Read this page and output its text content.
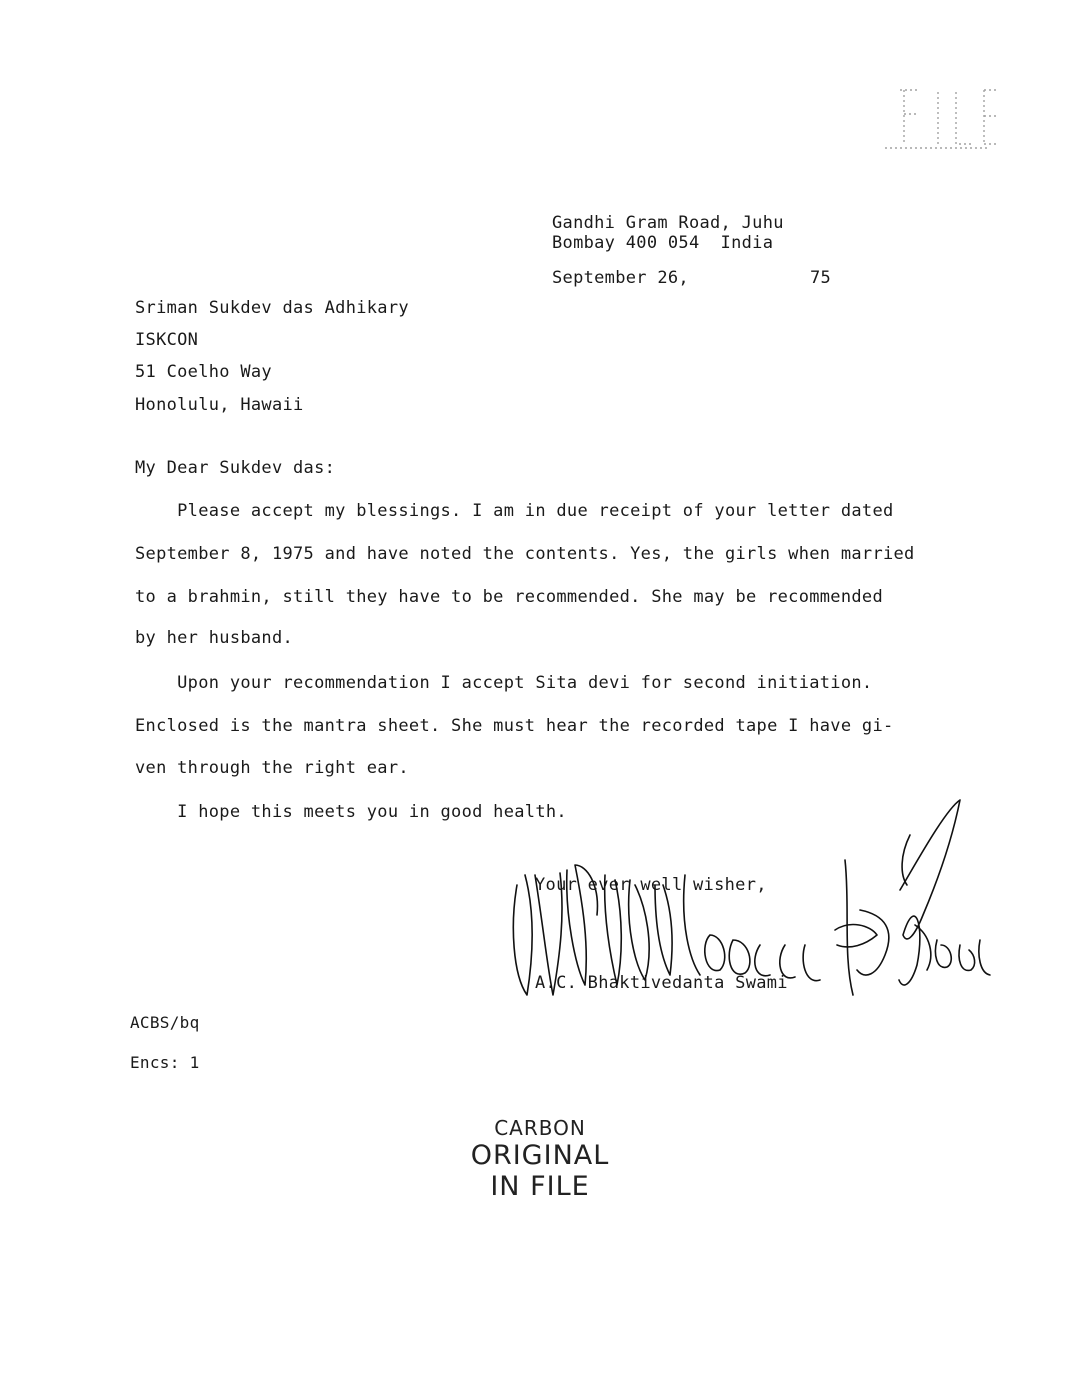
Gandhi Gram Road, Juhu
Bombay 400 054  India
September 26,	75
Sriman Sukdev das Adhikary
ISKCON
51 Coelho Way
Honolulu, Hawaii
My Dear Sukdev das:
Please accept my blessings. I am in due receipt of your letter dated
September 8, 1975 and have noted the contents. Yes, the girls when married
to a brahmin, still they have to be recommended. She may be recommended
by her husband.
Upon your recommendation I accept Sita devi for second initiation.
Enclosed is the mantra sheet. She must hear the recorded tape I have gi-
ven through the right ear.
I hope this meets you in good health.
Your ever well wisher,
A.C. Bhaktivedanta Swami
ACBS/bq
Encs: 1
CARBON
ORIGINAL
IN FILE
